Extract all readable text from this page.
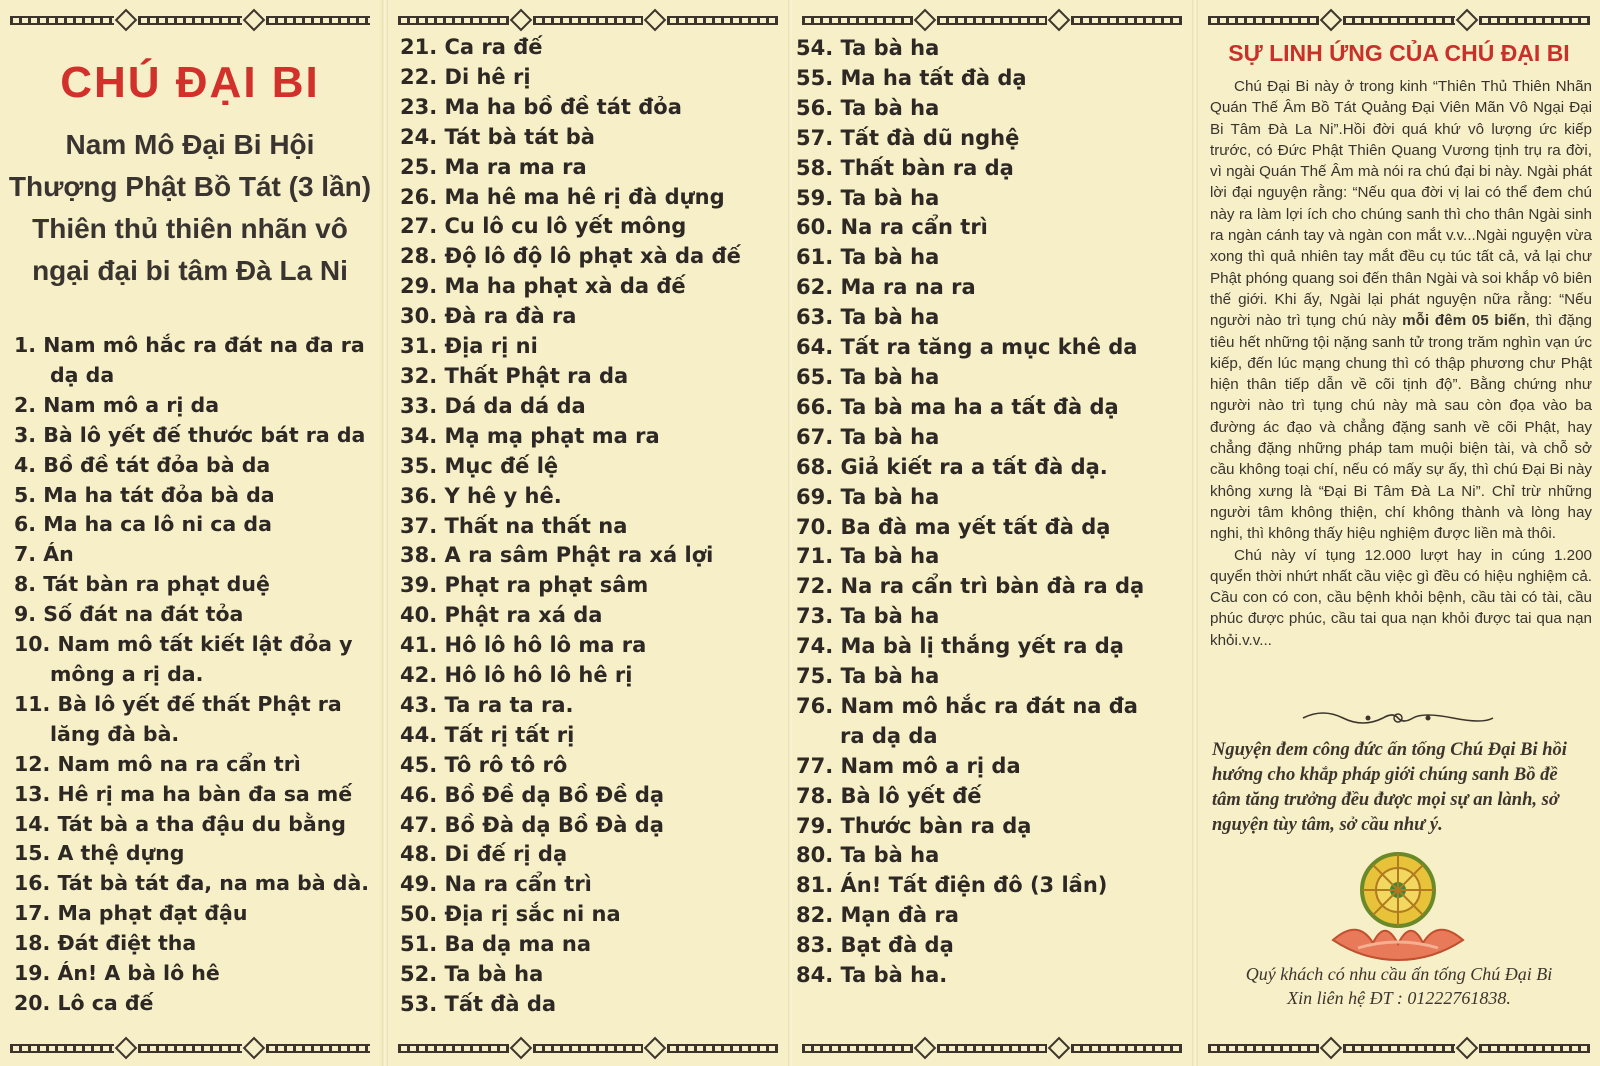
CHÚ ĐẠI BI
Nam Mô Đại Bi Hội
Thượng Phật Bồ Tát (3 lần)
Thiên thủ thiên nhãn vô
ngại đại bi tâm Đà La Ni
1. Nam mô hắc ra đát na đa ra
dạ da
2. Nam mô a rị da
3. Bà lô yết đế thước bát ra da
4. Bồ đề tát đỏa bà da
5. Ma ha tát đỏa bà da
6. Ma ha ca lô ni ca da
7. Án
8. Tát bàn ra phạt duệ
9. Số đát na đát tỏa
10. Nam mô tất kiết lật đỏa y
mông a rị da.
11. Bà lô yết đế thất Phật ra
lăng đà bà.
12. Nam mô na ra cẩn trì
13. Hê rị ma ha bàn đa sa mế
14. Tát bà a tha đậu du bằng
15. A thệ dựng
16. Tát bà tát đa, na ma bà dà.
17. Ma phạt đạt đậu
18. Đát điệt tha
19. Án! A bà lô hê
20. Lô ca đế
21. Ca ra đế
22. Di hê rị
23. Ma ha bồ đề tát đỏa
24. Tát bà tát bà
25. Ma ra ma ra
26. Ma hê ma hê rị đà dựng
27. Cu lô cu lô yết mông
28. Độ lô độ lô phạt xà da đế
29. Ma ha phạt xà da đế
30. Đà ra đà ra
31. Địa rị ni
32. Thất Phật ra da
33. Dá da dá da
34. Mạ mạ phạt ma ra
35. Mục đế lệ
36. Y hê y hê.
37. Thất na thất na
38. A ra sâm Phật ra xá lợi
39. Phạt ra phạt sâm
40. Phật ra xá da
41. Hô lô hô lô ma ra
42. Hô lô hô lô hê rị
43. Ta ra ta ra.
44. Tất rị tất rị
45. Tô rô tô rô
46. Bồ Đề dạ Bồ Đề dạ
47. Bồ Đà dạ Bồ Đà dạ
48. Di đế rị dạ
49. Na ra cẩn trì
50. Địa rị sắc ni na
51. Ba dạ ma na
52. Ta bà ha
53. Tất đà da
54. Ta bà ha
55. Ma ha tất đà dạ
56. Ta bà ha
57. Tất đà dũ nghệ
58. Thất bàn ra dạ
59. Ta bà ha
60. Na ra cẩn trì
61. Ta bà ha
62. Ma ra na ra
63. Ta bà ha
64. Tất ra tăng a mục khê da
65. Ta bà ha
66. Ta bà ma ha a tất đà dạ
67. Ta bà ha
68. Giả kiết ra a tất đà dạ.
69. Ta bà ha
70. Ba đà ma yết tất đà dạ
71. Ta bà ha
72. Na ra cẩn trì bàn đà ra dạ
73. Ta bà ha
74. Ma bà lị thắng yết ra dạ
75. Ta bà ha
76. Nam mô hắc ra đát na đa
ra dạ da
77. Nam mô a rị da
78. Bà lô yết đế
79. Thước bàn ra dạ
80. Ta bà ha
81. Án! Tất điện đô (3 lần)
82. Mạn đà ra
83. Bạt đà dạ
84. Ta bà ha.
SỰ LINH ỨNG CỦA CHÚ ĐẠI BI

Chú Đại Bi này ở trong kinh “Thiên Thủ Thiên Nhãn Quán Thế Âm Bồ Tát Quảng Đại Viên Mãn Vô Ngại Đại Bi Tâm Đà La Ni”.Hồi đời quá khứ vô lượng ức kiếp trước, có Đức Phật Thiên Quang Vương tịnh trụ ra đời, vì ngài Quán Thế Âm mà nói ra chú đại bi này. Ngài phát lời đại nguyện rằng: “Nếu qua đời vị lai có thể đem chú này ra làm lợi ích cho chúng sanh thì cho thân Ngài sinh ra ngàn cánh tay và ngàn con mắt v.v...Ngài nguyện vừa xong thì quả nhiên tay mắt đều cụ túc tất cả, vả lại chư Phật phóng quang soi đến thân Ngài và soi khắp vô biên thế giới. Khi ấy, Ngài lại phát nguyện nữa rằng: “Nếu người nào trì tụng chú này mỗi đêm 05 biến, thì đặng tiêu hết những tội nặng sanh tử trong trăm nghìn vạn ức kiếp, đến lúc mạng chung thì có thập phương chư Phật hiện thân tiếp dẫn về cõi tịnh độ”. Bằng chứng như người nào trì tụng chú này mà sau còn đọa vào ba đường ác đạo và chẳng đặng sanh về cõi Phật, hay chẳng đặng những pháp tam muội biện tài, và chỗ sở cầu không toại chí, nếu có mấy sự ấy, thì chú Đại Bi này không xưng là “Đại Bi Tâm Đà La Ni”. Chỉ trừ những người tâm không thiện, chí không thành và lòng hay nghi, thì không thấy hiệu nghiệm được liền mà thôi.

Chú này ví tụng 12.000 lượt hay in cúng 1.200 quyển thời nhứt nhất cầu việc gì đều có hiệu nghiệm cả. Cầu con có con, cầu bệnh khỏi bệnh, cầu tài có tài, cầu phúc được phúc, cầu tai qua nạn khỏi được tai qua nạn khỏi.v.v...

Nguyện đem công đức ấn tống Chú Đại Bi hồi hướng cho khắp pháp giới chúng sanh Bồ đề tâm tăng trưởng đều được mọi sự an lành, sở nguyện tùy tâm, sở cầu như ý.
Quý khách có nhu cầu ấn tống Chú Đại Bi
Xin liên hệ ĐT : 01222761838.
